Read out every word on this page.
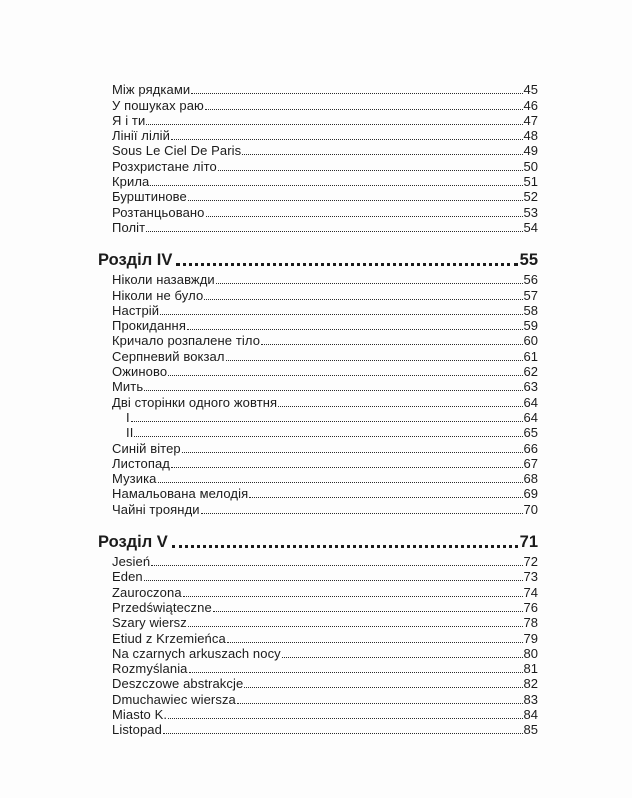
Між рядками	45
У пошуках раю	46
Я і ти	47
Лінії лілій	48
Sous Le Ciel De Paris	49
Розхристане літо	50
Крила	51
Бурштинове	52
Розтанцьовано	53
Політ	54
Розділ IV	55
Ніколи назавжди	56
Ніколи не було	57
Настрій	58
Прокидання	59
Кричало розпалене тіло	60
Серпневий вокзал	61
Ожиново	62
Мить	63
Дві сторінки одного жовтня	64
I	64
II	65
Синій вітер	66
Листопад	67
Музика	68
Намальована мелодія	69
Чайні троянди	70
Розділ V	71
Jesień	72
Eden	73
Zauroczona	74
Przedświąteczne	76
Szary wiersz	78
Etiud z Krzemieńca	79
Na czarnych arkuszach nocy	80
Rozmyślania	81
Deszczowe abstrakcje	82
Dmuchawiec wiersza	83
Miasto K.	84
Listopad	85
